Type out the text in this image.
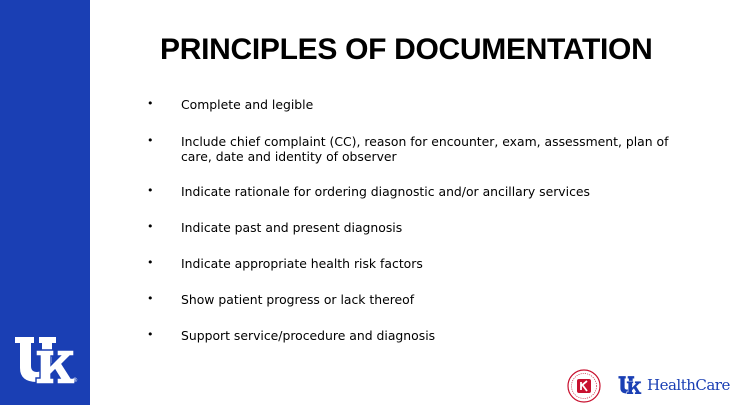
®
PRINCIPLES OF DOCUMENTATION
• Complete and legible
• Include chief complaint (CC), reason for encounter, exam, assessment, plan of care, date and identity of observer
• Indicate rationale for ordering diagnostic and/or ancillary services
• Indicate past and present diagnosis
• Indicate appropriate health risk factors
• Show patient progress or lack thereof
• Support service/procedure and diagnosis
HealthCare
